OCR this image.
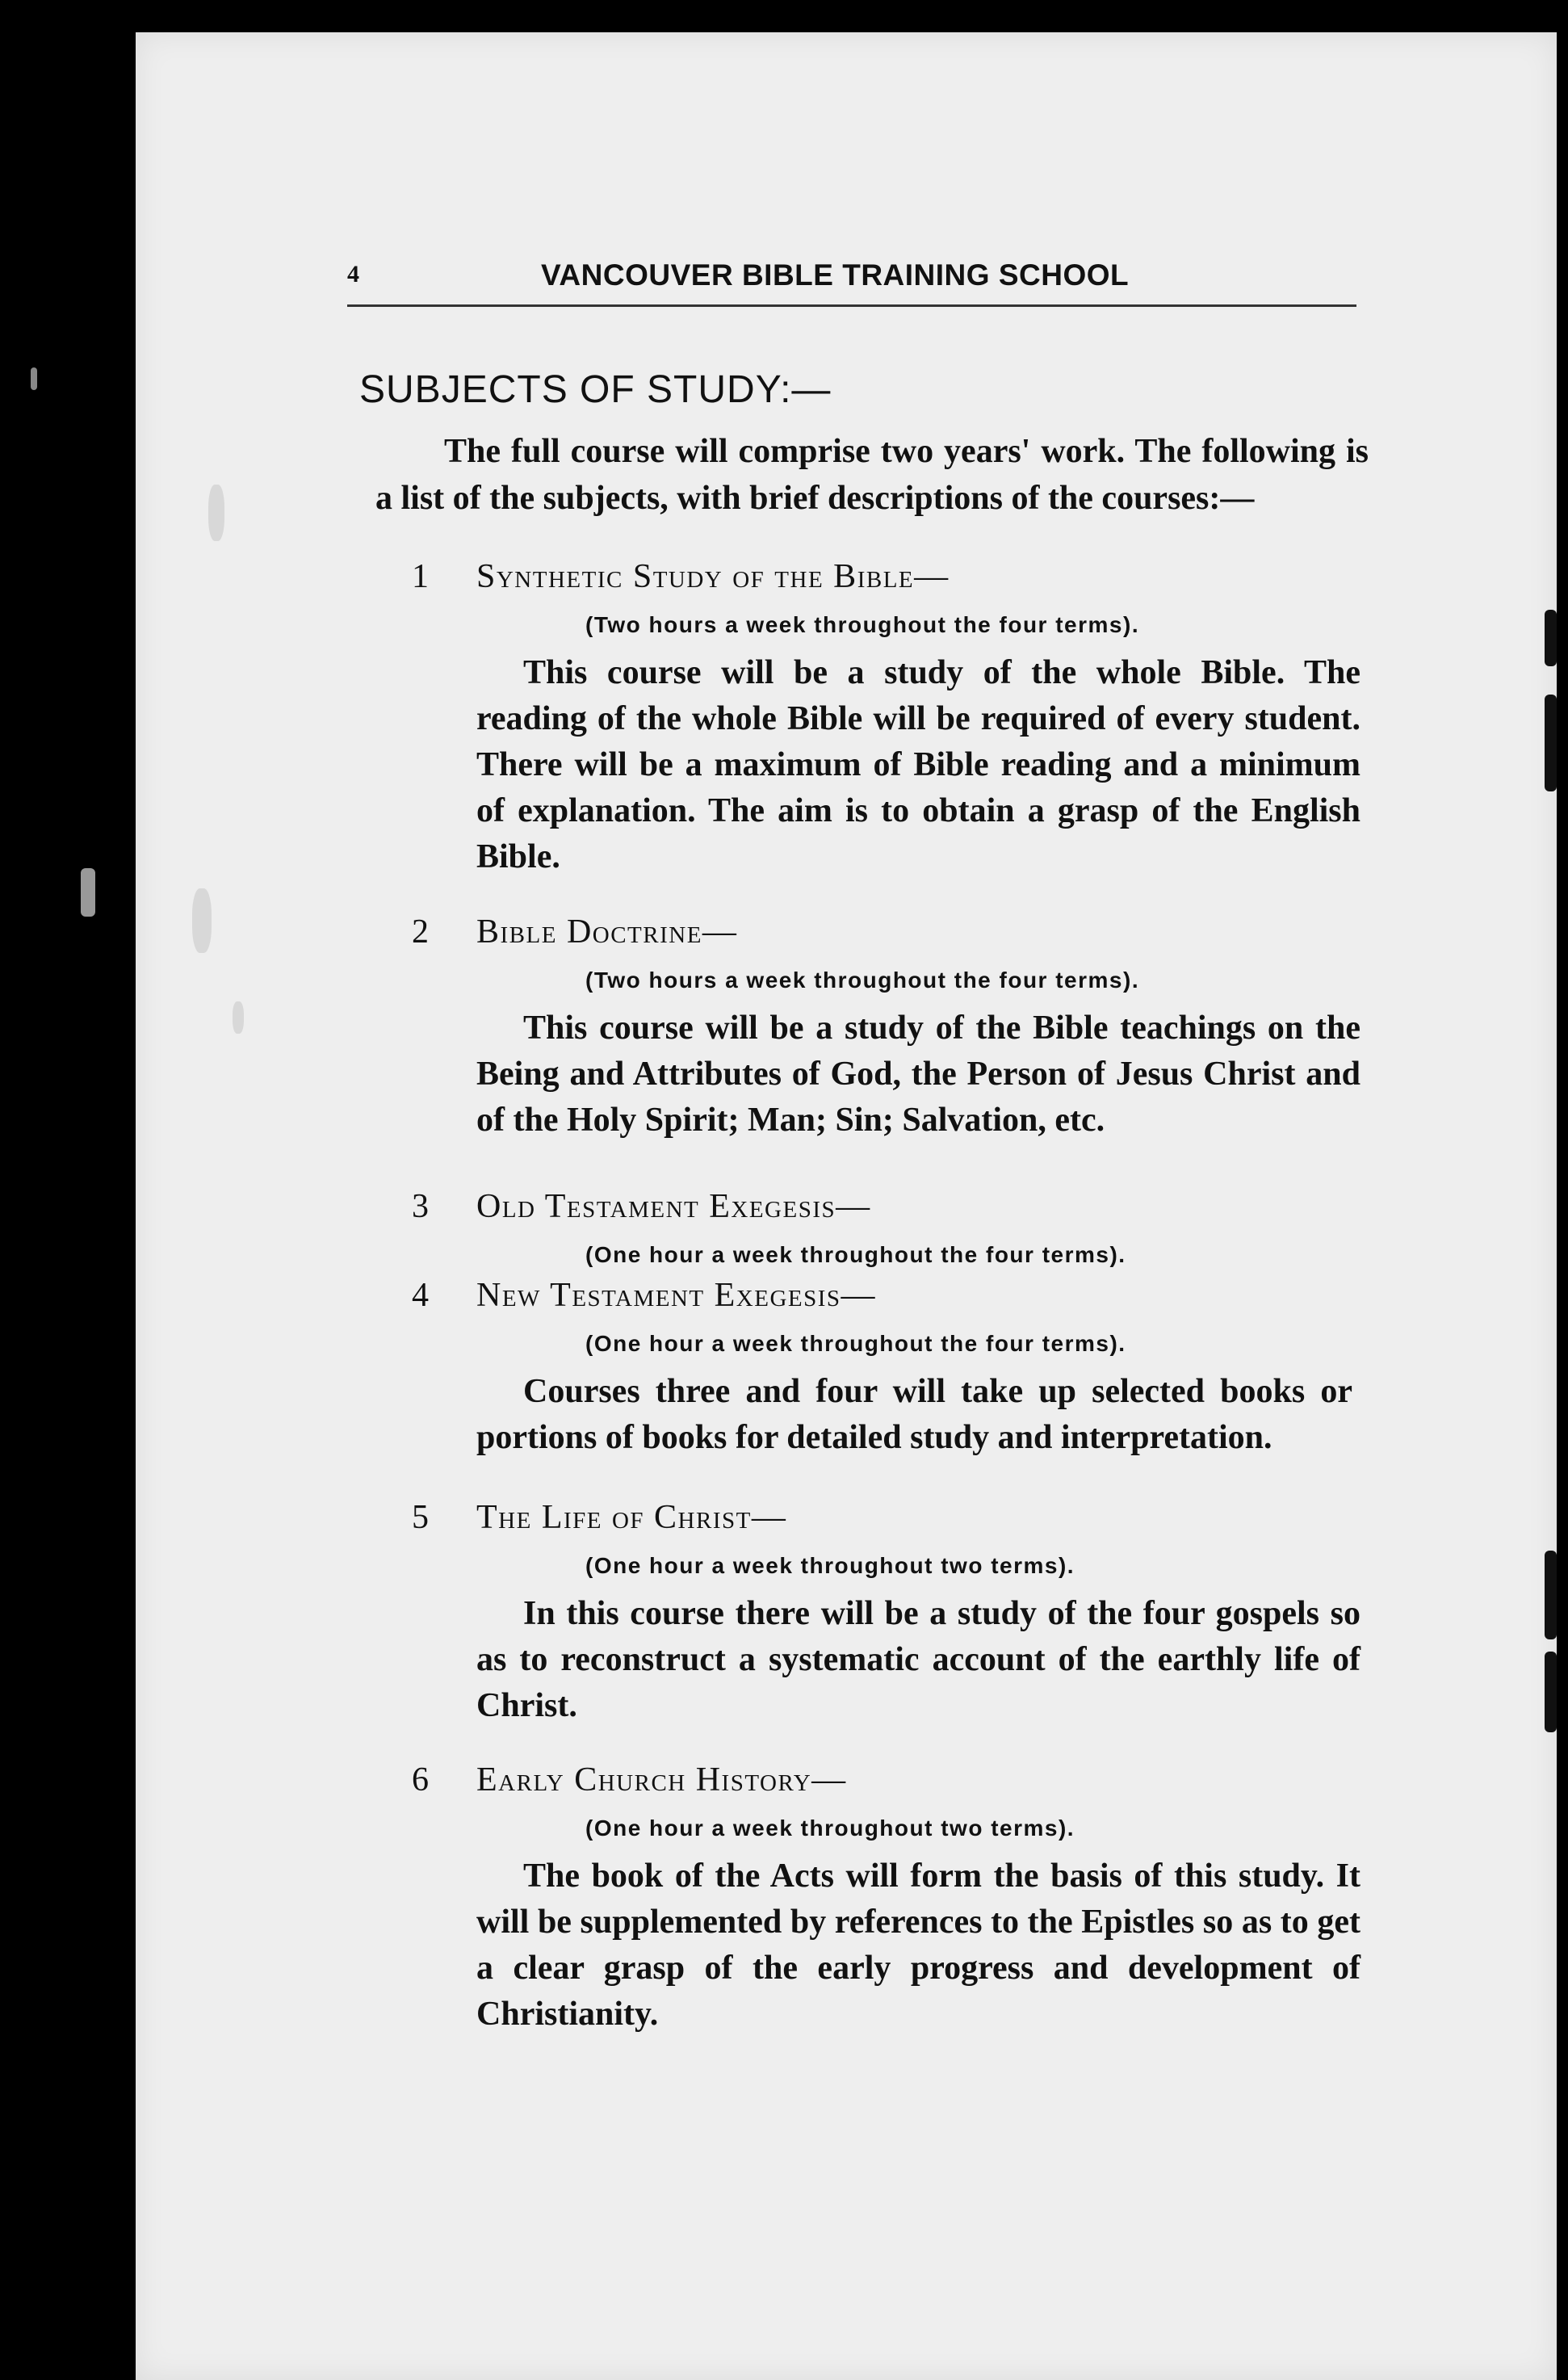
4	VANCOUVER BIBLE TRAINING SCHOOL
SUBJECTS OF STUDY:—
The full course will comprise two years' work. The following is a list of the subjects, with brief descriptions of the courses:—
1	Synthetic Study of the Bible—
(Two hours a week throughout the four terms).
This course will be a study of the whole Bible. The reading of the whole Bible will be required of every student. There will be a maximum of Bible reading and a minimum of explanation. The aim is to obtain a grasp of the English Bible.
2	Bible Doctrine—
(Two hours a week throughout the four terms).
This course will be a study of the Bible teachings on the Being and Attributes of God, the Person of Jesus Christ and of the Holy Spirit; Man; Sin; Salvation, etc.
3	Old Testament Exegesis—
(One hour a week throughout the four terms).
4	New Testament Exegesis—
(One hour a week throughout the four terms).
Courses three and four will take up selected books or portions of books for detailed study and interpretation.
5	The Life of Christ—
(One hour a week throughout two terms).
In this course there will be a study of the four gospels so as to reconstruct a systematic account of the earthly life of Christ.
6	Early Church History—
(One hour a week throughout two terms).
The book of the Acts will form the basis of this study. It will be supplemented by references to the Epistles so as to get a clear grasp of the early progress and development of Christianity.
